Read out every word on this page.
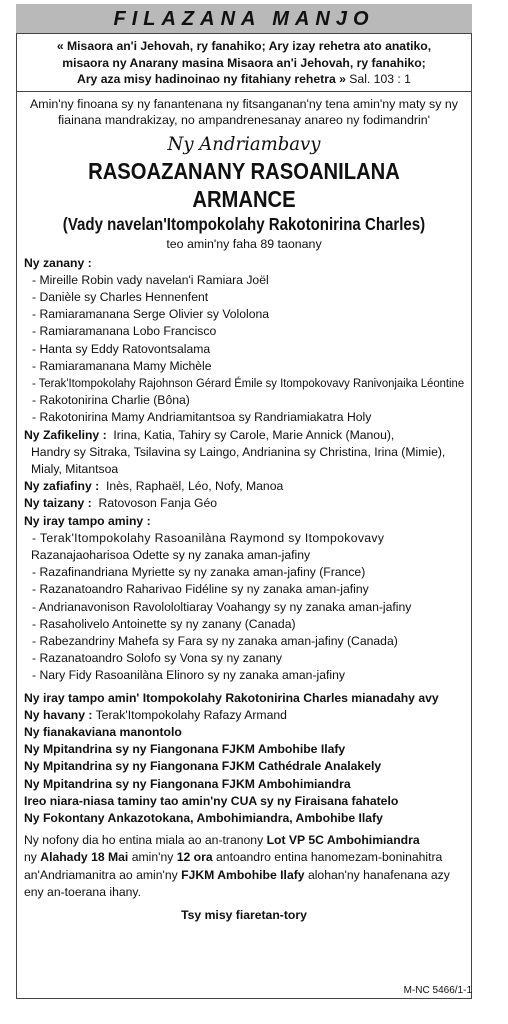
FILAZANA MANJO
« Misaora an'i Jehovah, ry fanahiko; Ary izay rehetra ato anatiko,
misaora ny Anarany masina Misaora an'i Jehovah, ry fanahiko;
Ary aza misy hadinoinao ny fitahiany rehetra » Sal. 103 : 1
Amin'ny finoana sy ny fanantenana ny fitsanganan'ny tena amin'ny maty sy ny
fiainana mandrakizay, no ampandrenesanay anareo ny fodimandrin'
Ny Andriambavy
RASOAZANANY RASOANILANA
ARMANCE
(Vady navelan'Itompokolahy Rakotonirina Charles)
teo amin'ny faha 89 taonany
Ny zanany :
- Mireille Robin vady navelan'i Ramiara Joël
- Danièle sy Charles Hennenfent
- Ramiaramanana Serge Olivier sy Vololona
- Ramiaramanana Lobo Francisco
- Hanta sy Eddy Ratovontsalama
- Ramiaramanana Mamy Michèle
- Terak'Itompokolahy Rajohnson Gérard Émile sy Itompokovavy Ranivonjaika Léontine
- Rakotonirina Charlie (Bôna)
- Rakotonirina Mamy Andriamitantsoa sy Randriamiakatra Holy
Ny Zafikeliny : Irina, Katia, Tahiry sy Carole, Marie Annick (Manou),
Handry sy Sitraka, Tsilavina sy Laingo, Andrianina sy Christina, Irina (Mimie),
Mialy, Mitantsoa
Ny zafiafiny : Inès, Raphaël, Léo, Nofy, Manoa
Ny taizany : Ratovoson Fanja Géo
Ny iray tampo aminy :
- Terak'Itompokolahy Rasoanilàna Raymond sy Itompokovavy
Razanajaoharisoa Odette sy ny zanaka aman-jafiny
- Razafinandriana Myriette sy ny zanaka aman-jafiny (France)
- Razanatoandro Raharivao Fidéline sy ny zanaka aman-jafiny
- Andrianavonison Ravolololtiaray Voahangy sy ny zanaka aman-jafiny
- Rasaholivelo Antoinette sy ny zanany (Canada)
- Rabezandriny Mahefa sy Fara sy ny zanaka aman-jafiny (Canada)
- Razanatoandro Solofo sy Vona sy ny zanany
- Nary Fidy Rasoanilàna Elinoro sy ny zanaka aman-jafiny
Ny iray tampo amin' Itompokolahy Rakotonirina Charles mianadahy avy
Ny havany : Terak'Itompokolahy Rafazy Armand
Ny fianakaviana manontolo
Ny Mpitandrina sy ny Fiangonana FJKM Ambohibe Ilafy
Ny Mpitandrina sy ny Fiangonana FJKM Cathédrale Analakely
Ny Mpitandrina sy ny Fiangonana FJKM Ambohimiandra
Ireo niara-niasa taminy tao amin'ny CUA sy ny Firaisana fahatelo
Ny Fokontany Ankazotokana, Ambohimiandra, Ambohibe Ilafy
Ny nofony dia ho entina miala ao an-tranony Lot VP 5C Ambohimiandra
ny Alahady 18 Mai amin'ny 12 ora antoandro entina hanomezam-boninahitra
an'Andriamanitra ao amin'ny FJKM Ambohibe Ilafy alohan'ny hanafenana azy
eny an-toerana ihany.
Tsy misy fiaretan-tory
M-NC 5466/1-1
